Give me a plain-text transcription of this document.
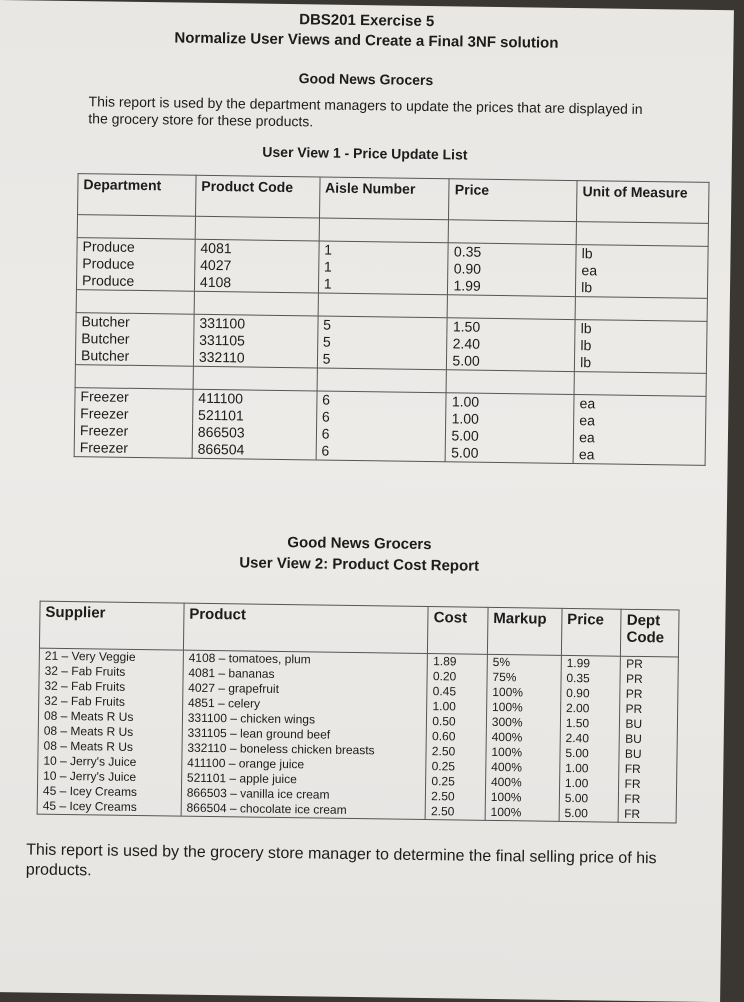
DBS201 Exercise 5
Normalize User Views and Create a Final 3NF solution
Good News Grocers
This report is used by the department managers to update the prices that are displayed in the grocery store for these products.
User View 1 - Price Update List
Department	Product Code	Aisle Number	Price	Unit of Measure

Produce	4081	1	0.35	lb
Produce	4027	1	0.90	ea
Produce	4108	1	1.99	lb

Butcher	331100	5	1.50	lb
Butcher	331105	5	2.40	lb
Butcher	332110	5	5.00	lb

Freezer	411100	6	1.00	ea
Freezer	521101	6	1.00	ea
Freezer	866503	6	5.00	ea
Freezer	866504	6	5.00	ea
Good News Grocers
User View 2: Product Cost Report
Supplier	Product	Cost	Markup	Price	Dept Code
21 – Very Veggie	4108 – tomatoes, plum	1.89	5%	1.99	PR
32 – Fab Fruits	4081 – bananas	0.20	75%	0.35	PR
32 – Fab Fruits	4027 – grapefruit	0.45	100%	0.90	PR
32 – Fab Fruits	4851 – celery	1.00	100%	2.00	PR
08 – Meats R Us	331100 – chicken wings	0.50	300%	1.50	BU
08 – Meats R Us	331105 – lean ground beef	0.60	400%	2.40	BU
08 – Meats R Us	332110 – boneless chicken breasts	2.50	100%	5.00	BU
10 – Jerry's Juice	411100 – orange juice	0.25	400%	1.00	FR
10 – Jerry's Juice	521101 – apple juice	0.25	400%	1.00	FR
45 – Icey Creams	866503 – vanilla ice cream	2.50	100%	5.00	FR
45 – Icey Creams	866504 – chocolate ice cream	2.50	100%	5.00	FR
This report is used by the grocery store manager to determine the final selling price of his products.
